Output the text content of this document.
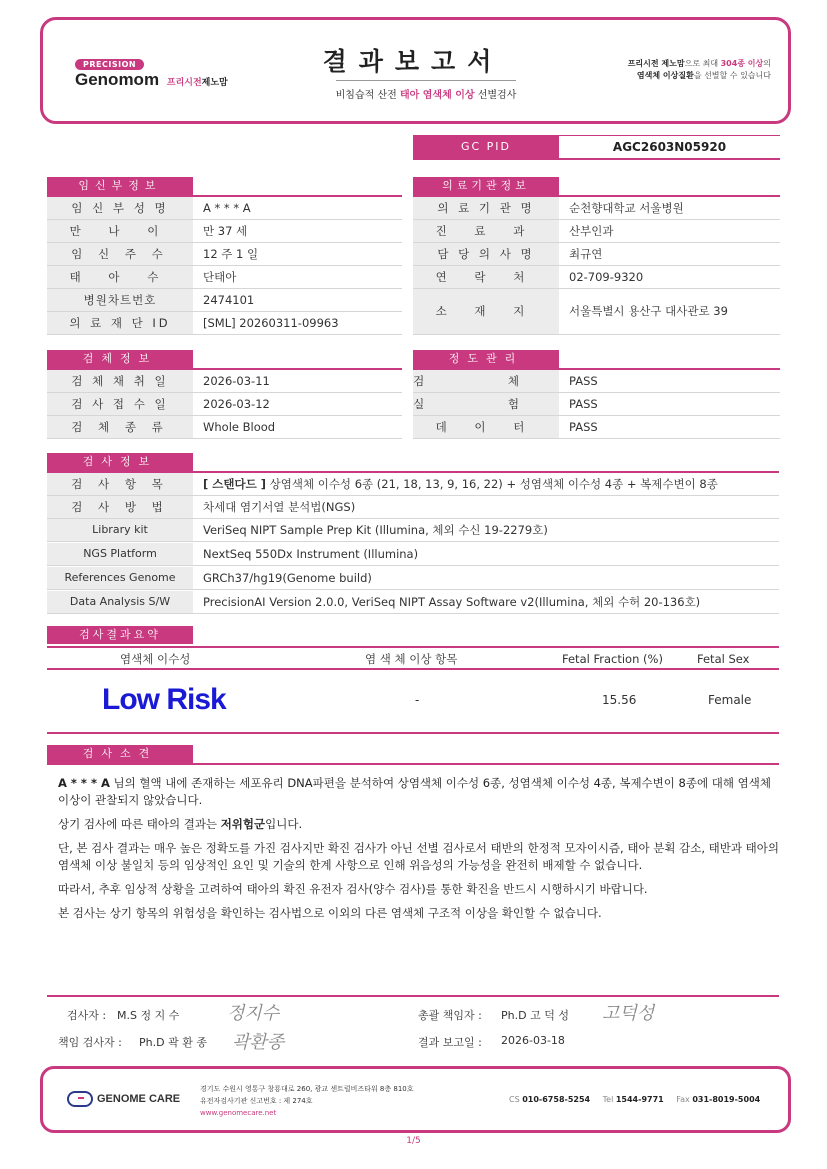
PRECISION
Genomom 프리시전제노맘
결과보고서
비침습적 산전 태아 염색체 이상 선별검사
프리시전 제노맘으로 최대 304종 이상의
염색체 이상질환을 선별할 수 있습니다
GC PID	AGC2603N05920
임신부정보
임 신 부 성 명	A * * * A
만 나 이	만 37 세
임 신 주 수	12 주 1 일
태 아 수	단태아
병원차트번호	2474101
의 료 재 단 ID	[SML] 20260311-09963
의료기관정보
의 료 기 관 명	순천향대학교 서울병원
진 료 과	산부인과
담 당 의 사 명	최규연
연 락 처	02-709-9320
소 재 지	서울특별시 용산구 대사관로 39
검체정보
검 체 채 취 일	2026-03-11
검 사 접 수 일	2026-03-12
검 체 종 류	Whole Blood
정도관리
검 체 PASS
실 험 PASS
데 이 터	PASS
검사정보
검 사 항 목	[ 스탠다드 ] 상염색체 이수성 6종 (21, 18, 13, 9, 16, 22) + 성염색체 이수성 4종 + 복제수변이 8종
검 사 방 법	차세대 염기서열 분석법(NGS)
Library kit	VeriSeq NIPT Sample Prep Kit (Illumina, 체외 수신 19-2279호)
NGS Platform	NextSeq 550Dx Instrument (Illumina)
References Genome	GRCh37/hg19(Genome build)
Data Analysis S/W	PrecisionAI Version 2.0.0, VeriSeq NIPT Assay Software v2(Illumina, 체외 수허 20-136호)
검사결과요약
염색체 이수성	염 색 체 이상 항목	Fetal Fraction (%)	Fetal Sex
Low Risk	-	15.56	Female
검사소견

A * * * A 님의 혈액 내에 존재하는 세포유리 DNA파편을 분석하여 상염색체 이수성 6종, 성염색체 이수성 4종, 복제수변이 8종에 대해 염색체 이상이 관찰되지 않았습니다.

상기 검사에 따른 태아의 결과는 저위험군입니다.

단, 본 검사 결과는 매우 높은 정확도를 가진 검사지만 확진 검사가 아닌 선별 검사로서 태반의 한정적 모자이시즘, 태아 분획 감소, 태반과 태아의 염색체 이상 불일치 등의 임상적인 요인 및 기술의 한계 사항으로 인해 위음성의 가능성을 완전히 배제할 수 없습니다.

따라서, 추후 임상적 상황을 고려하여 태아의 확진 유전자 검사(양수 검사)를 통한 확진을 반드시 시행하시기 바랍니다.

본 검사는 상기 항목의 위험성을 확인하는 검사법으로 이외의 다른 염색체 구조적 이상을 확인할 수 없습니다.

검사자 : M.S 정 지 수	정지수
책임 검사자 : Ph.D 곽 환 종 곽환종
총괄 책임자 : Ph.D 고 덕 성 고덕성
결과 보고일 : 2026-03-18
GENOME CARE
경기도 수원시 영통구 창룡대로 260, 광교 센트럴비즈타워 8층 810호
유전자검사기관 신고번호 : 제 274호
www.genomecare.net
CS 010-6758-5254 Tel 1544-9771 Fax 031-8019-5004
1/5
